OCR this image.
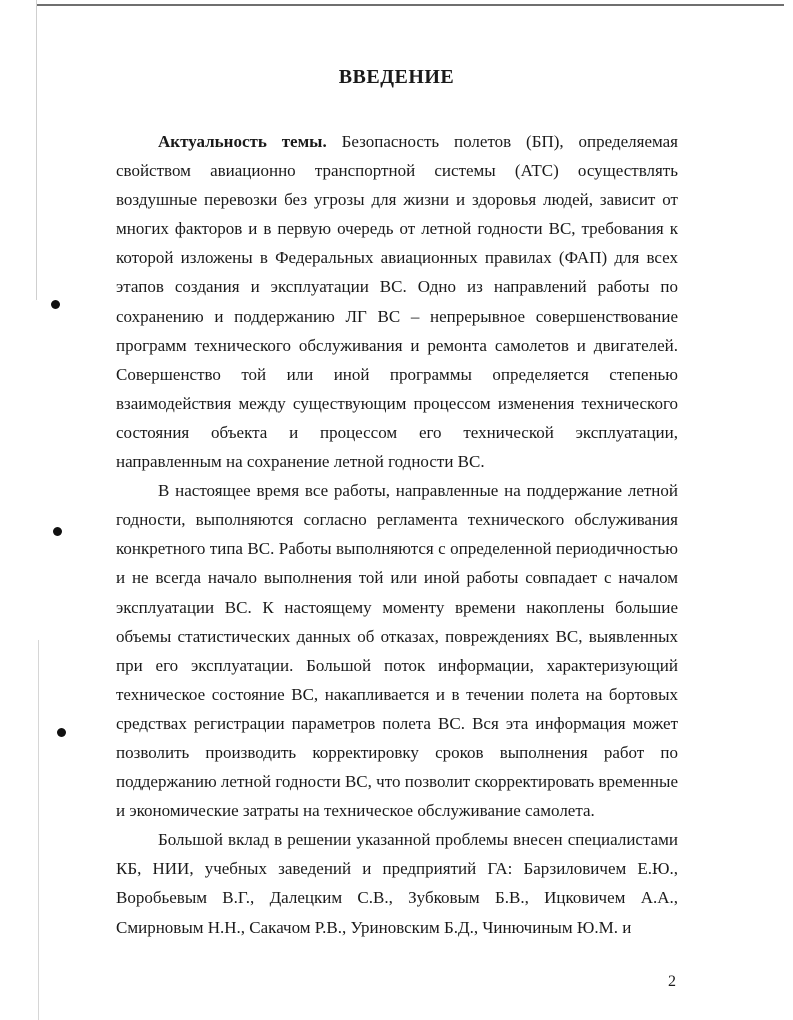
ВВЕДЕНИЕ

Актуальность темы. Безопасность полетов (БП), определяемая свойством авиационно транспортной системы (АТС) осуществлять воздушные перевозки без угрозы для жизни и здоровья людей, зависит от многих факторов и в первую очередь от летной годности ВС, требования к которой изложены в Федеральных авиационных правилах (ФАП) для всех этапов создания и эксплуатации ВС. Одно из направлений работы по сохранению и поддержанию ЛГ ВС – непрерывное совершенствование программ технического обслуживания и ремонта самолетов и двигателей. Совершенство той или иной программы определяется степенью взаимодействия между существующим процессом изменения технического состояния объекта и процессом его технической эксплуатации, направленным на сохранение летной годности ВС.

В настоящее время все работы, направленные на поддержание летной годности, выполняются согласно регламента технического обслуживания конкретного типа ВС. Работы выполняются с определенной периодичностью и не всегда начало выполнения той или иной работы совпадает с началом эксплуатации ВС. К настоящему моменту времени накоплены большие объемы статистических данных об отказах, повреждениях ВС, выявленных при его эксплуатации. Большой поток информации, характеризующий техническое состояние ВС, накапливается и в течении полета на бортовых средствах регистрации параметров полета ВС. Вся эта информация может позволить производить корректировку сроков выполнения работ по поддержанию летной годности ВС, что позволит скорректировать временные и экономические затраты на техническое обслуживание самолета.

Большой вклад в решении указанной проблемы внесен специалистами КБ, НИИ, учебных заведений и предприятий ГА: Барзиловичем Е.Ю., Воробьевым В.Г., Далецким С.В., Зубковым Б.В., Ицковичем А.А., Смирновым Н.Н., Сакачом Р.В., Уриновским Б.Д., Чинючиным Ю.М. и

2
